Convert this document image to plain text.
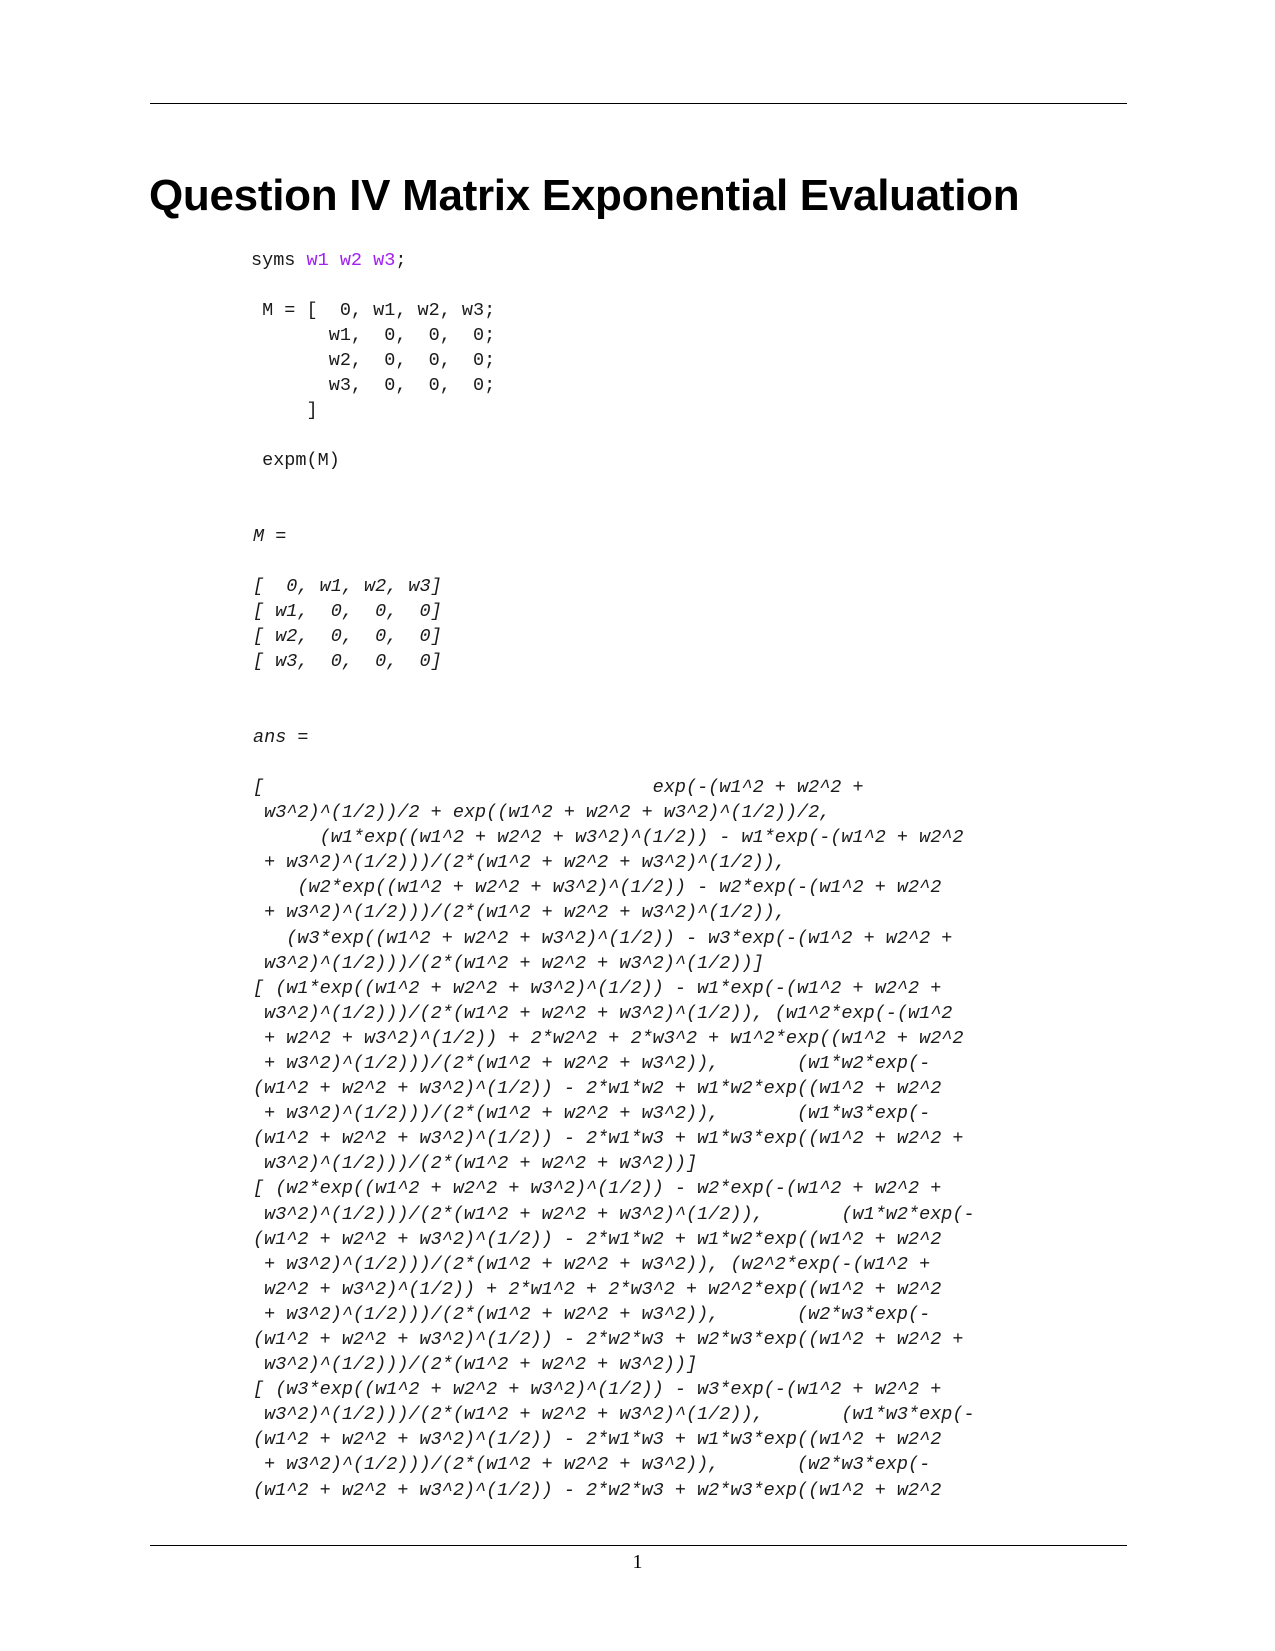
Question IV Matrix Exponential Evaluation
syms w1 w2 w3;

M = [  0, w1, w2, w3;
w1,  0,  0,  0;
w2,  0,  0,  0;
w3,  0,  0,  0;
]

expm(M)
M =
[  0, w1, w2, w3]
[ w1,  0,  0,  0]
[ w2,  0,  0,  0]
[ w3,  0,  0,  0]
ans =
[                                   exp(-(w1^2 + w2^2 +
w3^2)^(1/2))/2 + exp((w1^2 + w2^2 + w3^2)^(1/2))/2,
(w1*exp((w1^2 + w2^2 + w3^2)^(1/2)) - w1*exp(-(w1^2 + w2^2
+ w3^2)^(1/2)))/(2*(w1^2 + w2^2 + w3^2)^(1/2)),
(w2*exp((w1^2 + w2^2 + w3^2)^(1/2)) - w2*exp(-(w1^2 + w2^2
+ w3^2)^(1/2)))/(2*(w1^2 + w2^2 + w3^2)^(1/2)),
(w3*exp((w1^2 + w2^2 + w3^2)^(1/2)) - w3*exp(-(w1^2 + w2^2 +
w3^2)^(1/2)))/(2*(w1^2 + w2^2 + w3^2)^(1/2))]
[ (w1*exp((w1^2 + w2^2 + w3^2)^(1/2)) - w1*exp(-(w1^2 + w2^2 +
w3^2)^(1/2)))/(2*(w1^2 + w2^2 + w3^2)^(1/2)), (w1^2*exp(-(w1^2
+ w2^2 + w3^2)^(1/2)) + 2*w2^2 + 2*w3^2 + w1^2*exp((w1^2 + w2^2
+ w3^2)^(1/2)))/(2*(w1^2 + w2^2 + w3^2)),       (w1*w2*exp(-
(w1^2 + w2^2 + w3^2)^(1/2)) - 2*w1*w2 + w1*w2*exp((w1^2 + w2^2
+ w3^2)^(1/2)))/(2*(w1^2 + w2^2 + w3^2)),       (w1*w3*exp(-
(w1^2 + w2^2 + w3^2)^(1/2)) - 2*w1*w3 + w1*w3*exp((w1^2 + w2^2 +
w3^2)^(1/2)))/(2*(w1^2 + w2^2 + w3^2))]
[ (w2*exp((w1^2 + w2^2 + w3^2)^(1/2)) - w2*exp(-(w1^2 + w2^2 +
w3^2)^(1/2)))/(2*(w1^2 + w2^2 + w3^2)^(1/2)),       (w1*w2*exp(-
(w1^2 + w2^2 + w3^2)^(1/2)) - 2*w1*w2 + w1*w2*exp((w1^2 + w2^2
+ w3^2)^(1/2)))/(2*(w1^2 + w2^2 + w3^2)), (w2^2*exp(-(w1^2 +
w2^2 + w3^2)^(1/2)) + 2*w1^2 + 2*w3^2 + w2^2*exp((w1^2 + w2^2
+ w3^2)^(1/2)))/(2*(w1^2 + w2^2 + w3^2)),       (w2*w3*exp(-
(w1^2 + w2^2 + w3^2)^(1/2)) - 2*w2*w3 + w2*w3*exp((w1^2 + w2^2 +
w3^2)^(1/2)))/(2*(w1^2 + w2^2 + w3^2))]
[ (w3*exp((w1^2 + w2^2 + w3^2)^(1/2)) - w3*exp(-(w1^2 + w2^2 +
w3^2)^(1/2)))/(2*(w1^2 + w2^2 + w3^2)^(1/2)),       (w1*w3*exp(-
(w1^2 + w2^2 + w3^2)^(1/2)) - 2*w1*w3 + w1*w3*exp((w1^2 + w2^2
+ w3^2)^(1/2)))/(2*(w1^2 + w2^2 + w3^2)),       (w2*w3*exp(-
(w1^2 + w2^2 + w3^2)^(1/2)) - 2*w2*w3 + w2*w3*exp((w1^2 + w2^2
1
